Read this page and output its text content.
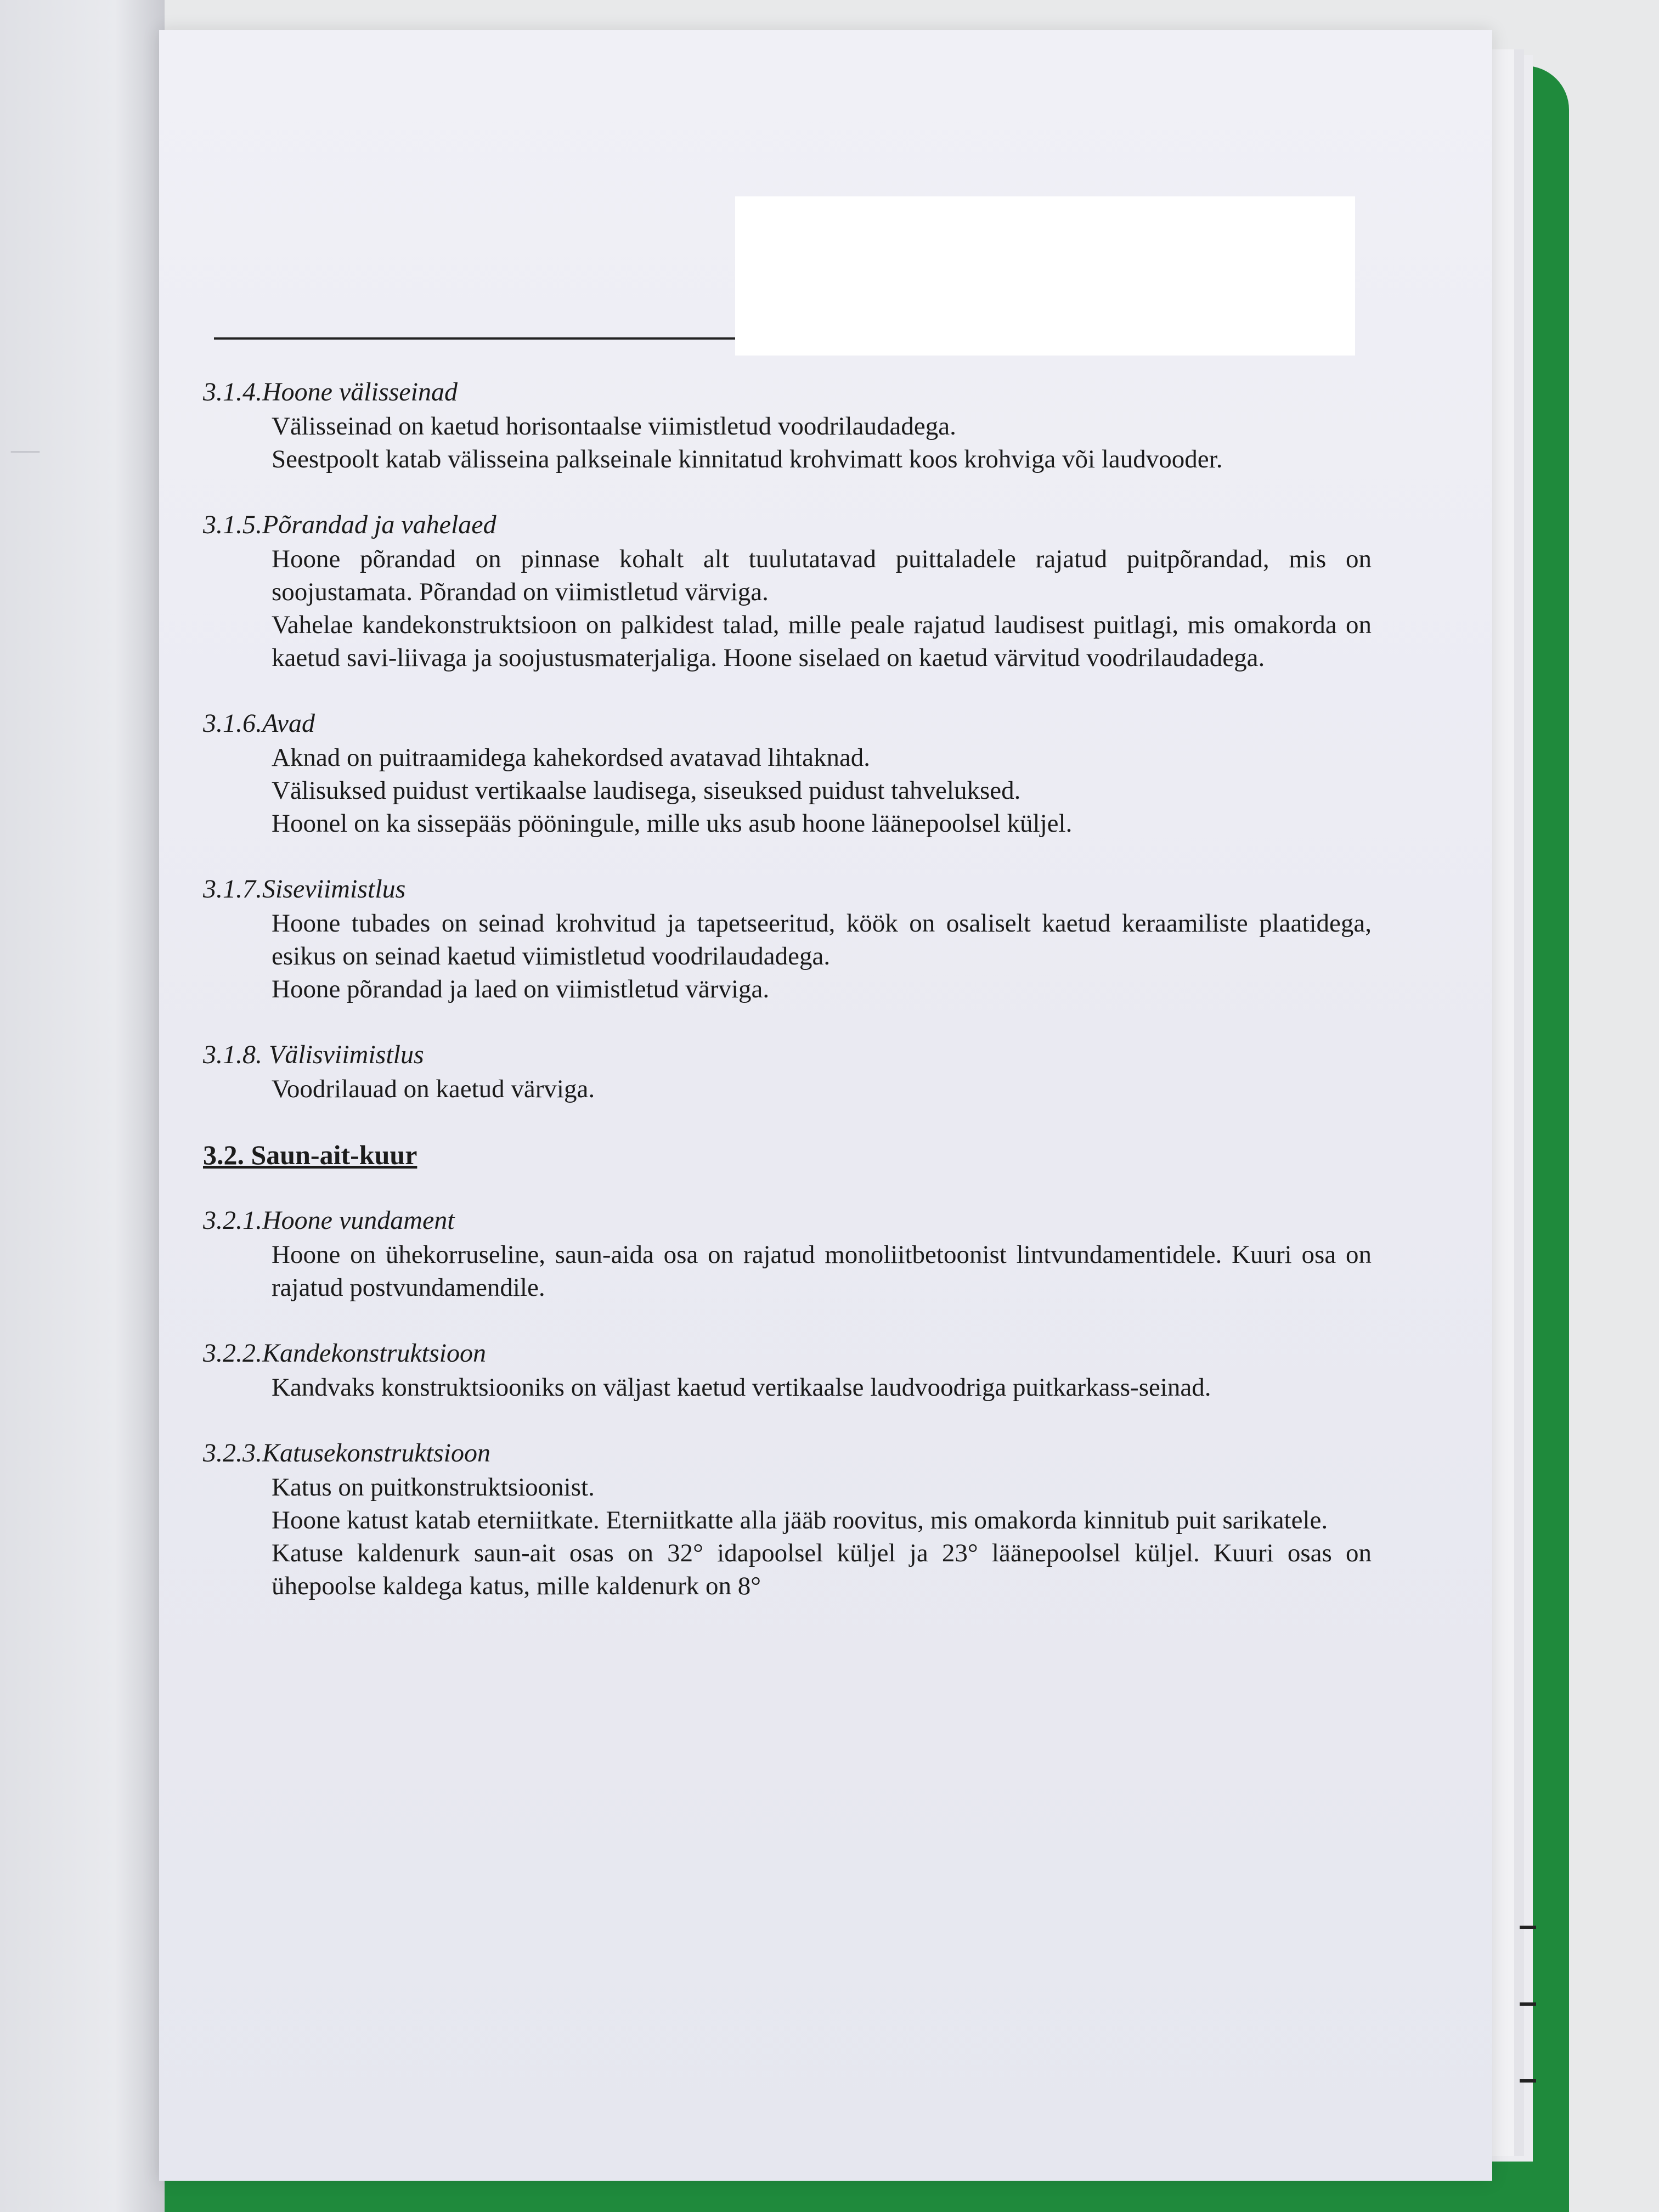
—
3.1.4.Hoone välisseinad

Välisseinad on kaetud horisontaalse viimistletud voodrilaudadega.

Seestpoolt katab välisseina palkseinale kinnitatud krohvimatt koos krohviga või laudvooder.

3.1.5.Põrandad ja vahelaed

Hoone põrandad on pinnase kohalt alt tuulutatavad puittaladele rajatud puitpõrandad, mis on soojustamata. Põrandad on viimistletud värviga.

Vahelae kandekonstruktsioon on palkidest talad, mille peale rajatud laudisest puitlagi, mis omakorda on kaetud savi-liivaga ja soojustusmaterjaliga. Hoone siselaed on kaetud värvitud voodrilaudadega.

3.1.6.Avad

Aknad on puitraamidega kahekordsed avatavad lihtaknad.

Välisuksed puidust vertikaalse laudisega, siseuksed puidust tahveluksed.

Hoonel on ka sissepääs pööningule, mille uks asub hoone läänepoolsel küljel.

3.1.7.Siseviimistlus

Hoone tubades on seinad krohvitud ja tapetseeritud, köök on osaliselt kaetud keraamiliste plaatidega, esikus on seinad kaetud viimistletud voodrilaudadega.

Hoone põrandad ja laed on viimistletud värviga.

3.1.8. Välisviimistlus

Voodrilauad on kaetud värviga.

3.2. Saun-ait-kuur
3.2.1.Hoone vundament

Hoone on ühekorruseline, saun-aida osa on rajatud monoliitbetoonist lintvundamentidele. Kuuri osa on rajatud postvundamendile.

3.2.2.Kandekonstruktsioon

Kandvaks konstruktsiooniks on väljast kaetud vertikaalse laudvoodriga puitkarkass-seinad.

3.2.3.Katusekonstruktsioon

Katus on puitkonstruktsioonist.

Hoone katust katab eterniitkate. Eterniitkatte alla jääb roovitus, mis omakorda kinnitub puit sarikatele.

Katuse kaldenurk saun-ait osas on 32° idapoolsel küljel ja 23° läänepoolsel küljel. Kuuri osas on ühepoolse kaldega katus, mille kaldenurk on 8°
